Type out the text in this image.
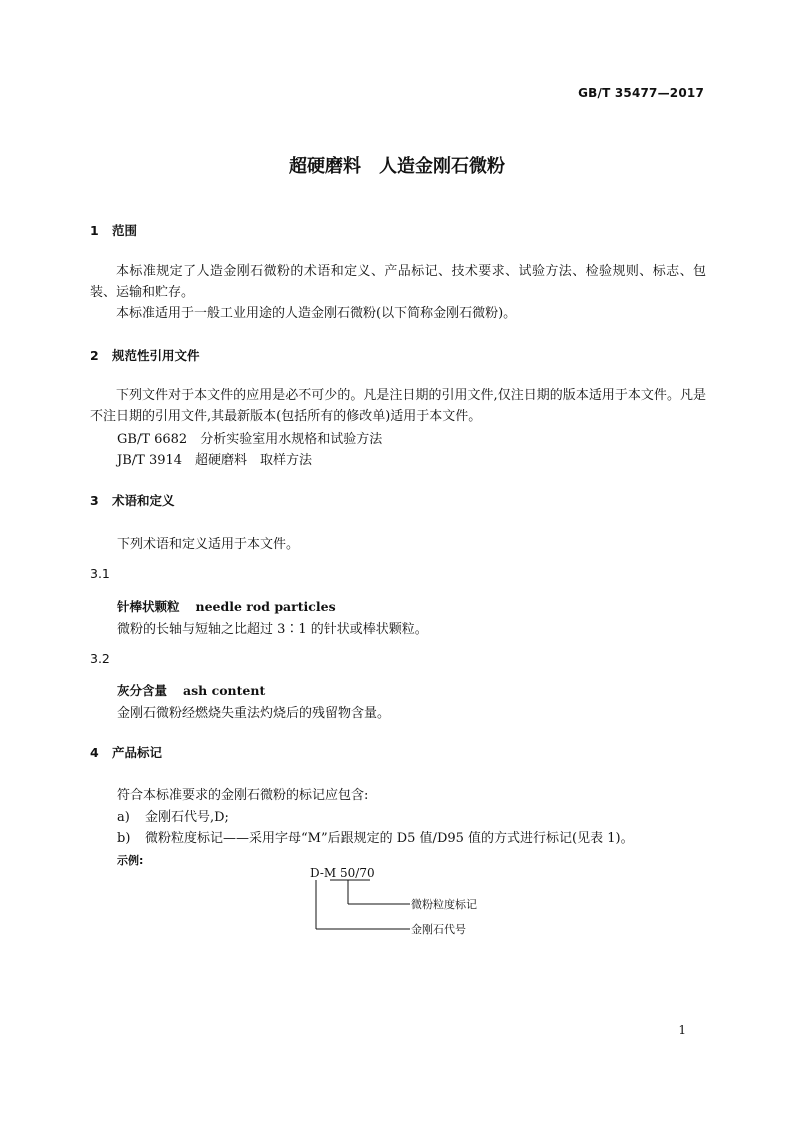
GB/T 35477—2017
超硬磨料　人造金刚石微粉
1 范围
本标准规定了人造金刚石微粉的术语和定义、产品标记、技术要求、试验方法、检验规则、标志、包装、运输和贮存。
本标准适用于一般工业用途的人造金刚石微粉(以下简称金刚石微粉)。
2 规范性引用文件
下列文件对于本文件的应用是必不可少的。凡是注日期的引用文件,仅注日期的版本适用于本文件。凡是不注日期的引用文件,其最新版本(包括所有的修改单)适用于本文件。
GB/T 6682　分析实验室用水规格和试验方法
JB/T 3914　超硬磨料　取样方法
3 术语和定义
下列术语和定义适用于本文件。
3.1
针棒状颗粒 needle rod particles
微粉的长轴与短轴之比超过 3∶1 的针状或棒状颗粒。
3.2
灰分含量 ash content
金刚石微粉经燃烧失重法灼烧后的残留物含量。
4 产品标记
符合本标准要求的金刚石微粉的标记应包含:
a) 金刚石代号,D;
b) 微粉粒度标记——采用字母“M”后跟规定的 D5 值/D95 值的方式进行标记(见表 1)。
示例:
D-M 50/70
微粉粒度标记
金刚石代号
1
